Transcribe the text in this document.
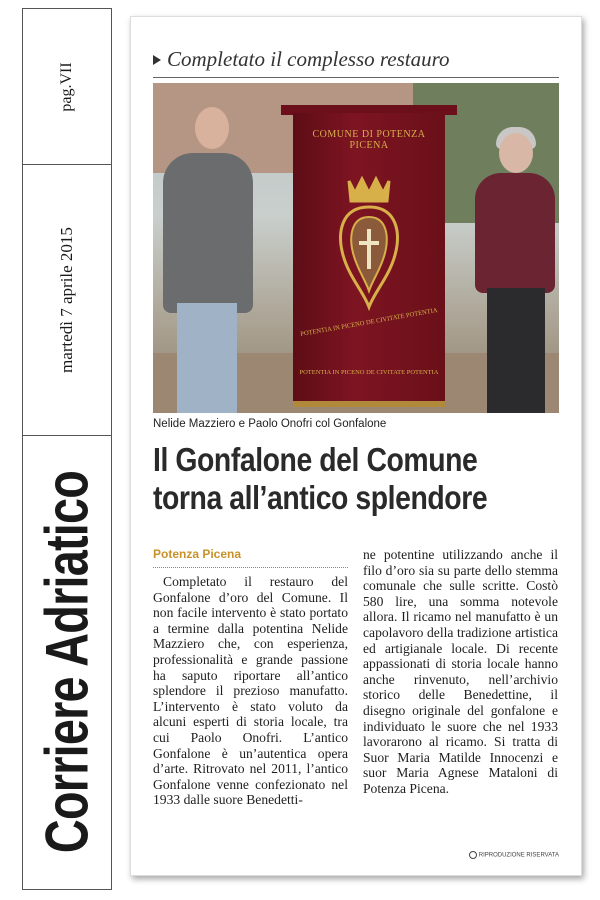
pag.VII
martedì 7 aprile 2015
Corriere Adriatico
Completato il complesso restauro
COMUNE DI POTENZA PICENA
POTENTIA IN PICENO DE CIVITATE POTENTIA
POTENTIA IN PICENO DE CIVITATE POTENTIA
Nelide Mazziero e Paolo Onofri col Gonfalone
Il Gonfalone del Comune
torna all’antico splendore
Potenza Picena
Completato il restauro del Gonfalone d’oro del Comune. Il non facile intervento è stato portato a termine dalla potentina Nelide Mazziero che, con esperienza, professionalità e grande passione ha saputo riportare all’antico splendore il prezioso manufatto. L’intervento è stato voluto da alcuni esperti di storia locale, tra cui Paolo Onofri. L’antico Gonfalone è un’autentica opera d’arte. Ritrovato nel 2011, l’antico Gonfalone venne confezionato nel 1933 dalle suore Benedetti-
ne potentine utilizzando anche il filo d’oro sia su parte dello stemma comunale che sulle scritte. Costò 580 lire, una somma notevole allora. Il ricamo nel manufatto è un capolavoro della tradizione artistica ed artigianale locale. Di recente appassionati di storia locale hanno anche rinvenuto, nell’archivio storico delle Benedettine, il disegno originale del gonfalone e individuato le suore che nel 1933 lavorarono al ricamo. Si tratta di Suor Maria Matilde Innocenzi e suor Maria Agnese Mataloni di Potenza Picena.
RIPRODUZIONE RISERVATA
